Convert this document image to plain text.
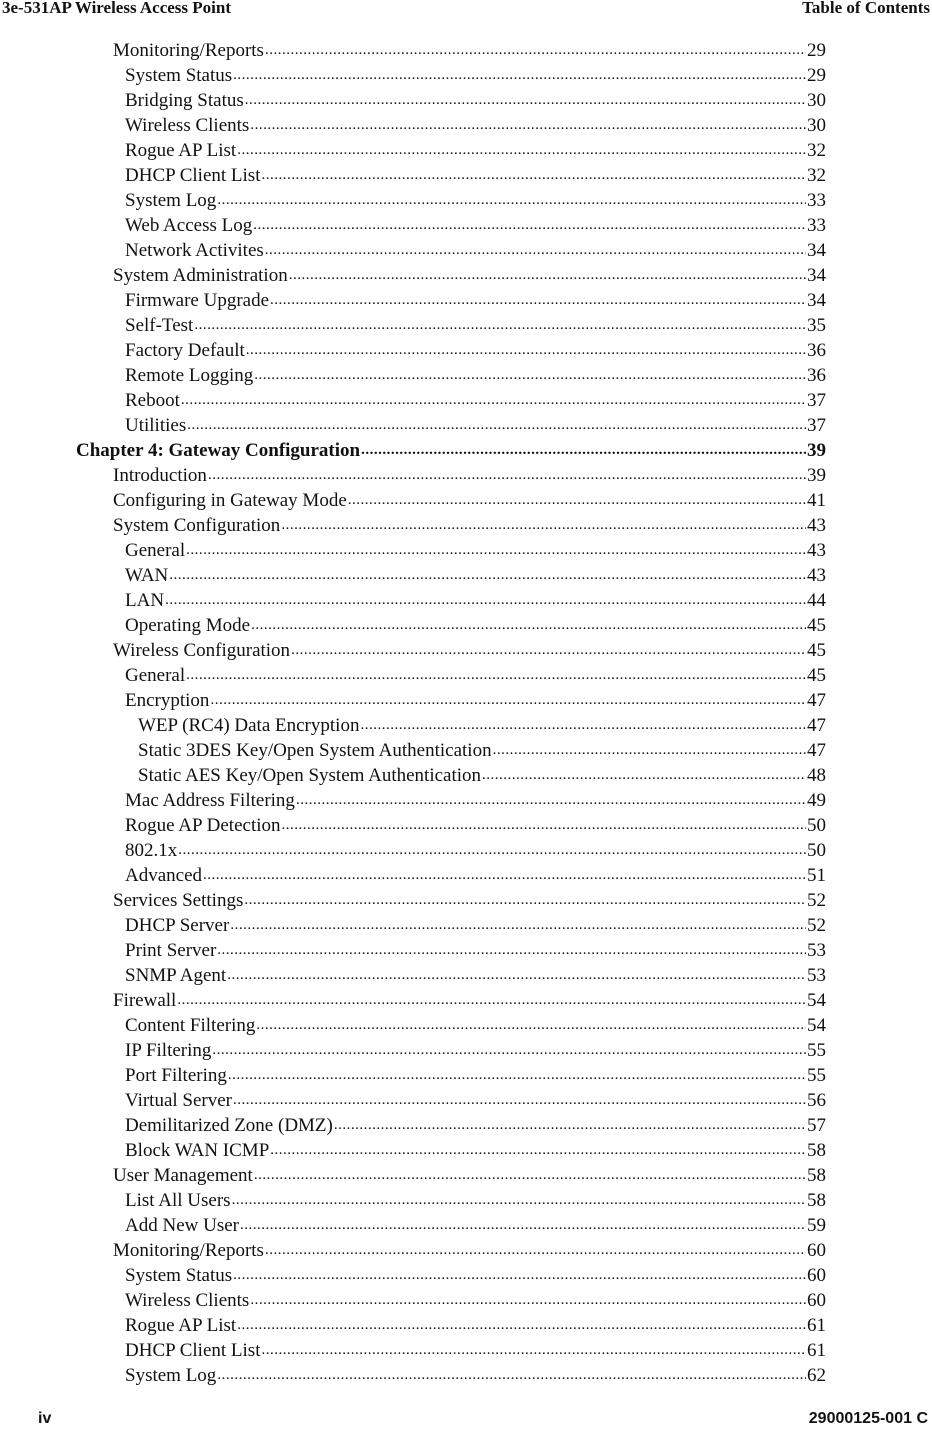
3e-531AP Wireless Access Point	Table of Contents
Monitoring/Reports .....	29
System Status .....	29
Bridging Status .....	30
Wireless Clients .....	30
Rogue AP List .....	32
DHCP Client List .....	32
System Log .....	33
Web Access Log .....	33
Network Activites .....	34
System Administration .....	34
Firmware Upgrade .....	34
Self-Test .....	35
Factory Default .....	36
Remote Logging .....	36
Reboot .....	37
Utilities .....	37
Chapter 4: Gateway Configuration .....	39
Introduction .....	39
Configuring in Gateway Mode .....	41
System Configuration .....	43
General .....	43
WAN .....	43
LAN .....	44
Operating Mode .....	45
Wireless Configuration .....	45
General .....	45
Encryption .....	47
WEP (RC4) Data Encryption .....	47
Static 3DES Key/Open System Authentication .....	47
Static AES Key/Open System Authentication .....	48
Mac Address Filtering .....	49
Rogue AP Detection .....	50
802.1x .....	50
Advanced .....	51
Services Settings .....	52
DHCP Server .....	52
Print Server .....	53
SNMP Agent .....	53
Firewall .....	54
Content Filtering .....	54
IP Filtering .....	55
Port Filtering .....	55
Virtual Server .....	56
Demilitarized Zone (DMZ) .....	57
Block WAN ICMP .....	58
User Management .....	58
List All Users .....	58
Add New User .....	59
Monitoring/Reports .....	60
System Status .....	60
Wireless Clients .....	60
Rogue AP List .....	61
DHCP Client List .....	61
System Log .....	62
iv	29000125-001 C
